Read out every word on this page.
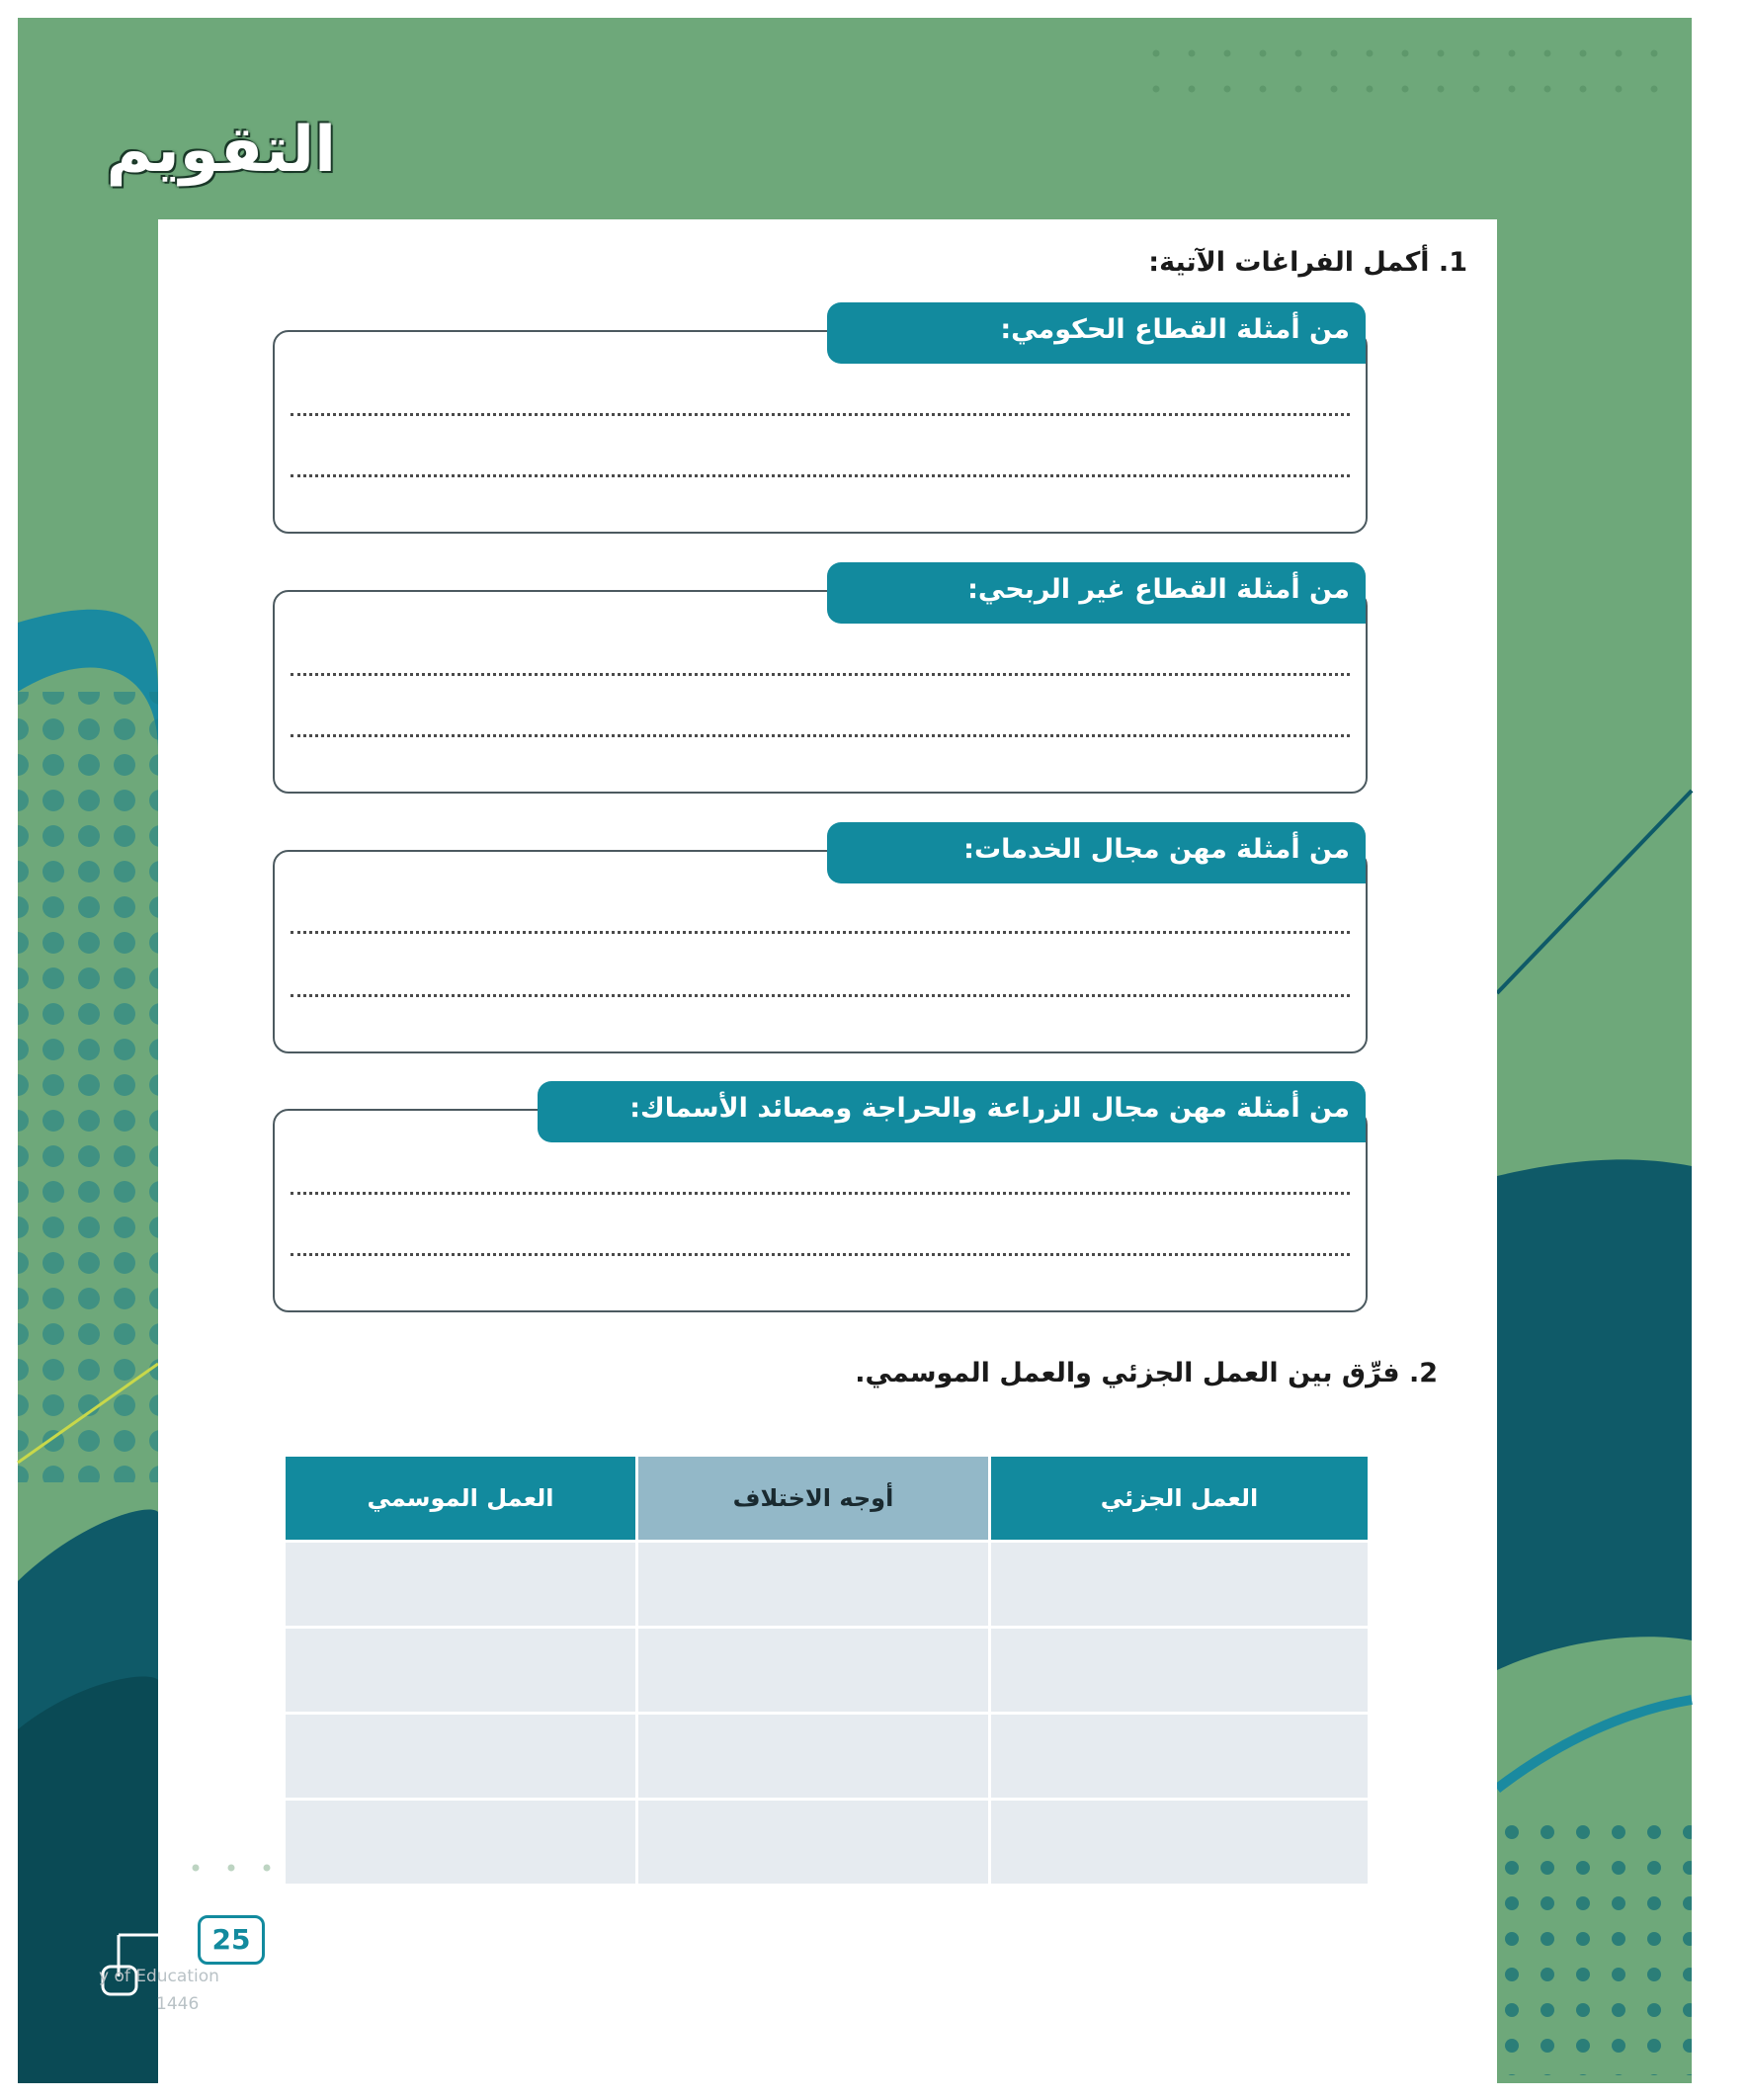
التقويم
1. أكمل الفراغات الآتية:
من أمثلة القطاع الحكومي:
من أمثلة القطاع غير الربحي:
من أمثلة مهن مجال الخدمات:
من أمثلة مهن مجال الزراعة والحراجة ومصائد الأسماك:
2. فرِّق بين العمل الجزئي والعمل الموسمي.
العمل الجزئي	أوجه الاختلاف	العمل الموسمي

25
y of Education
1446
